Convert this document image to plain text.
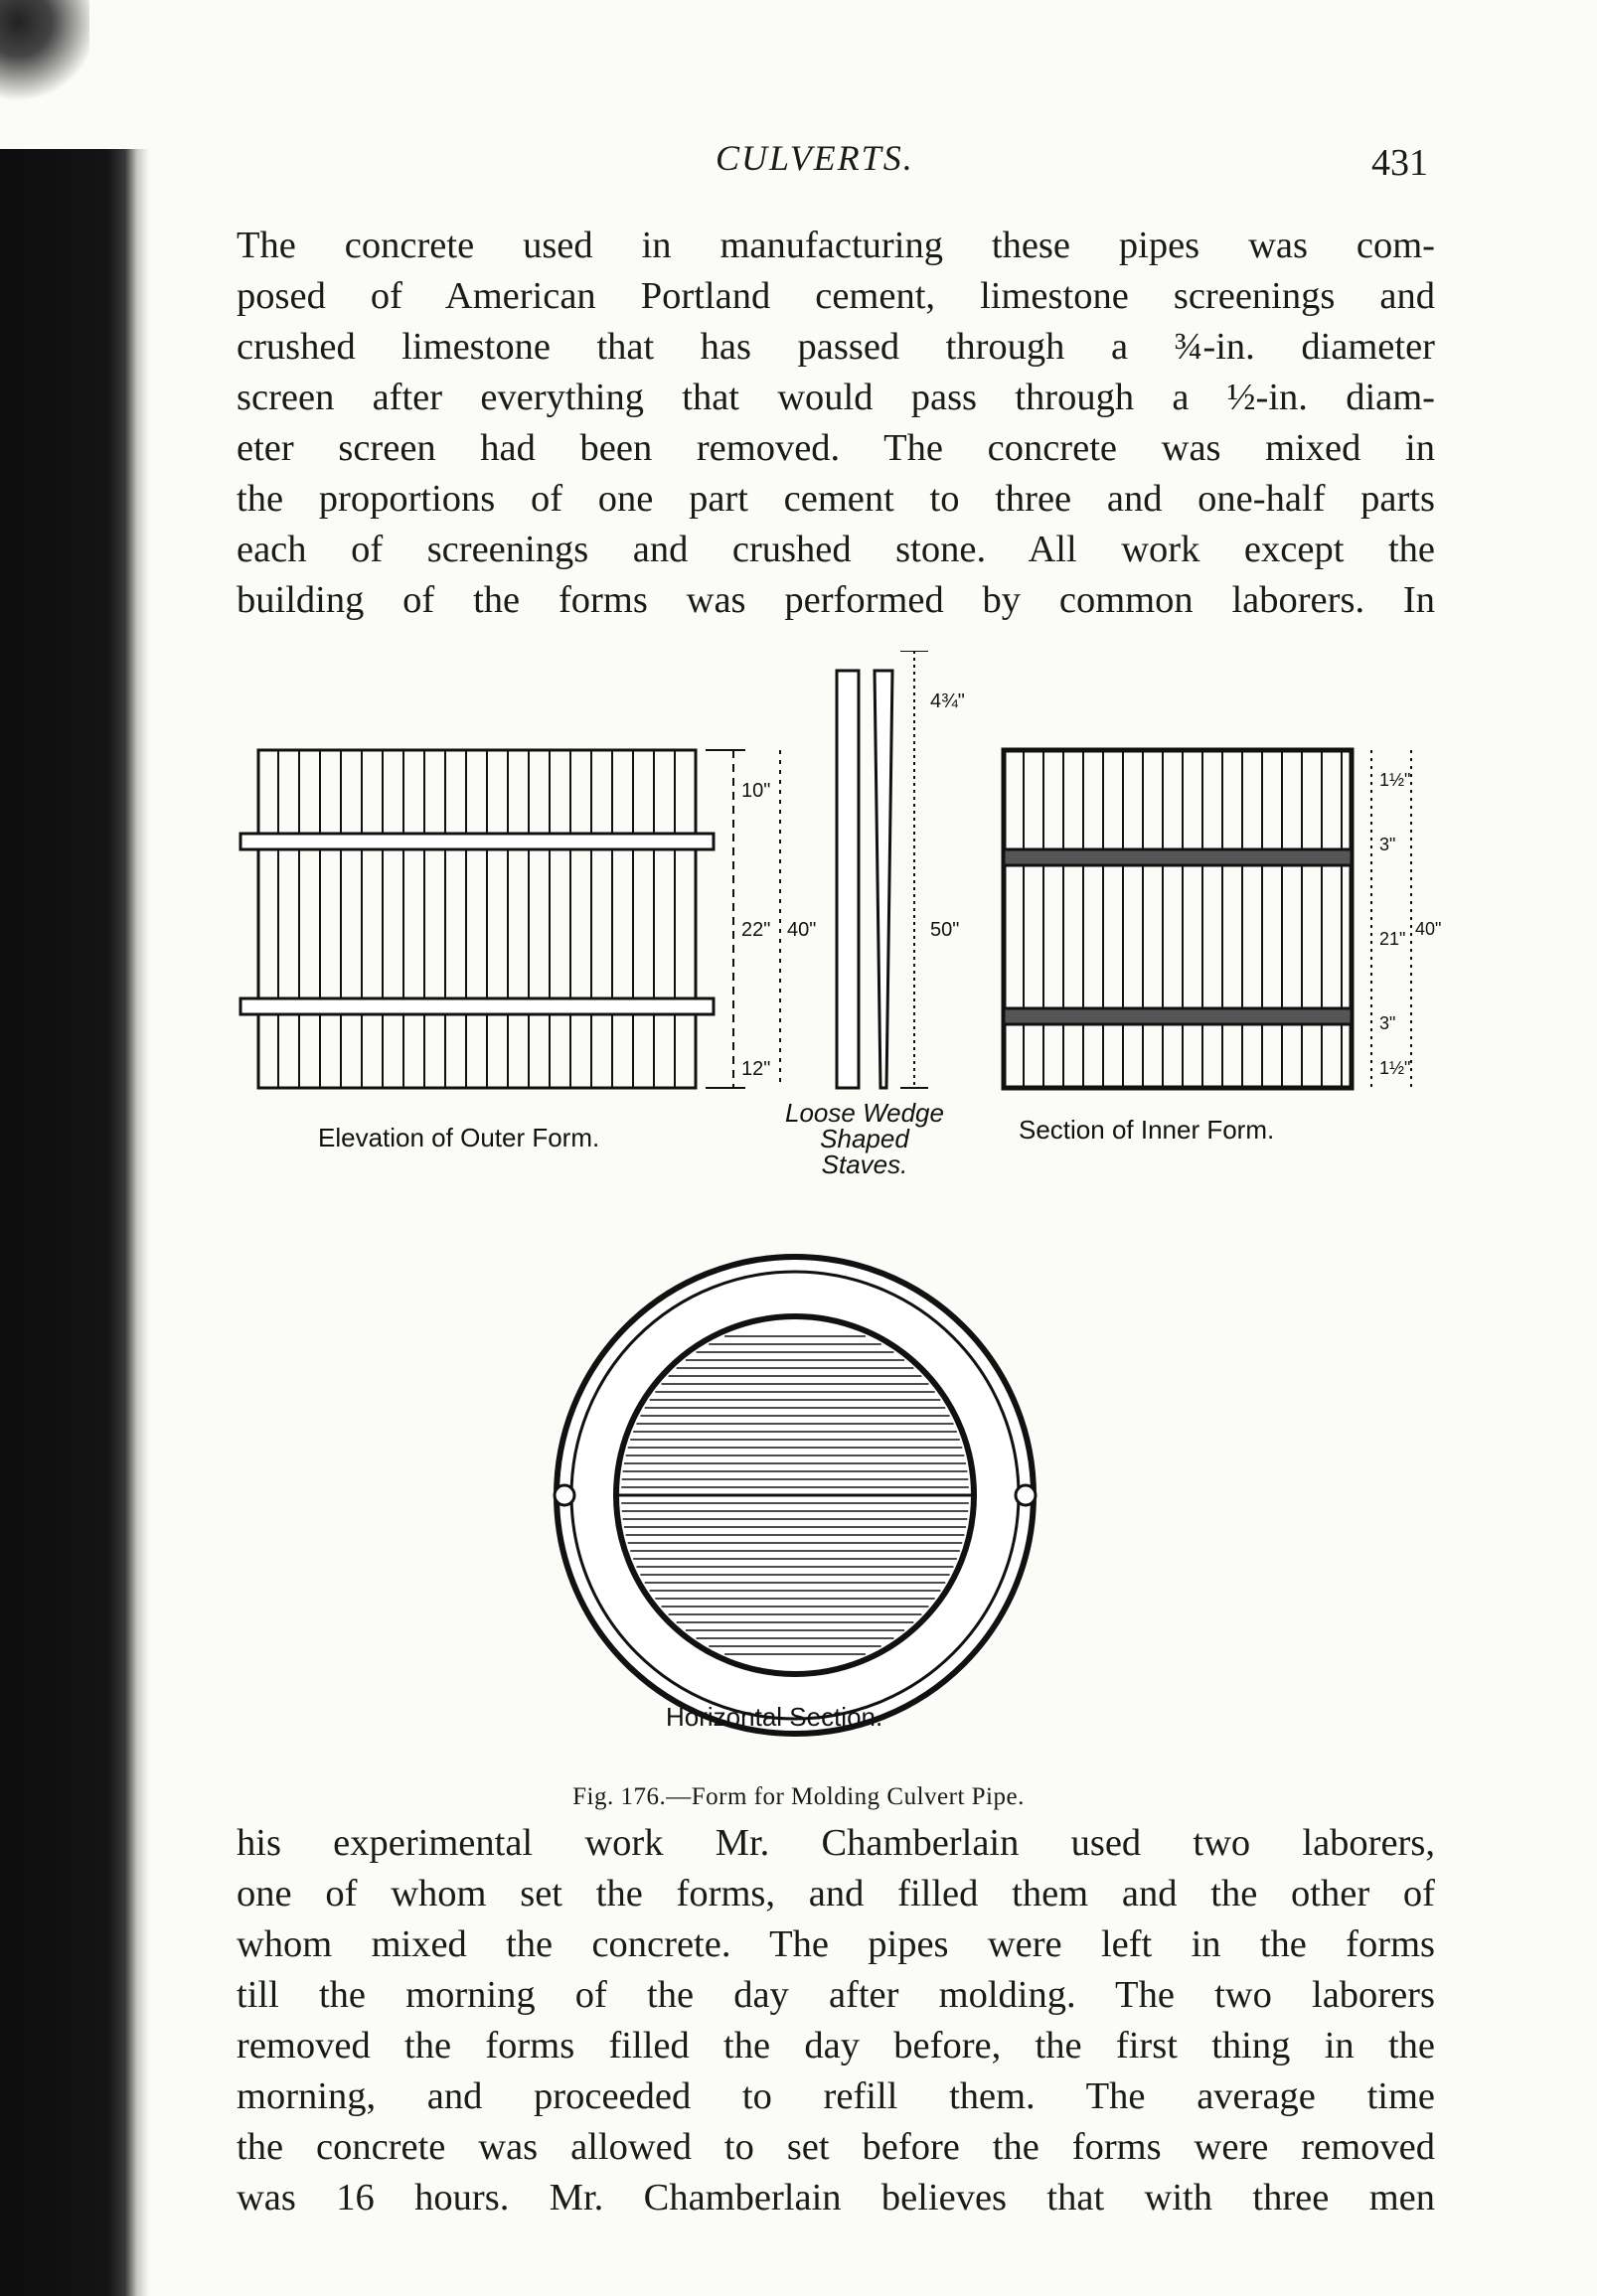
CULVERTS.	431

The concrete used in manufacturing these pipes was com-
posed of American Portland cement, limestone screenings and
crushed limestone that has passed through a ¾-in. diameter
screen after everything that would pass through a ½-in. diam-
eter screen had been removed. The concrete was mixed in
the proportions of one part cement to three and one-half parts
each of screenings and crushed stone. All work except the
building of the forms was performed by common laborers. In

Elevation of Outer Form.
Loose Wedge
Shaped
Staves.
Section of Inner Form.
Horizontal Section.
10"
22"
12"
40"
4¾"
50"
1½"
3"
21"
3"
1½"
40"
Fig. 176.—Form for Molding Culvert Pipe.

his experimental work Mr. Chamberlain used two laborers,
one of whom set the forms, and filled them and the other of
whom mixed the concrete. The pipes were left in the forms
till the morning of the day after molding. The two laborers
removed the forms filled the day before, the first thing in the
morning, and proceeded to refill them. The average time
the concrete was allowed to set before the forms were removed
was 16 hours. Mr. Chamberlain believes that with three men
